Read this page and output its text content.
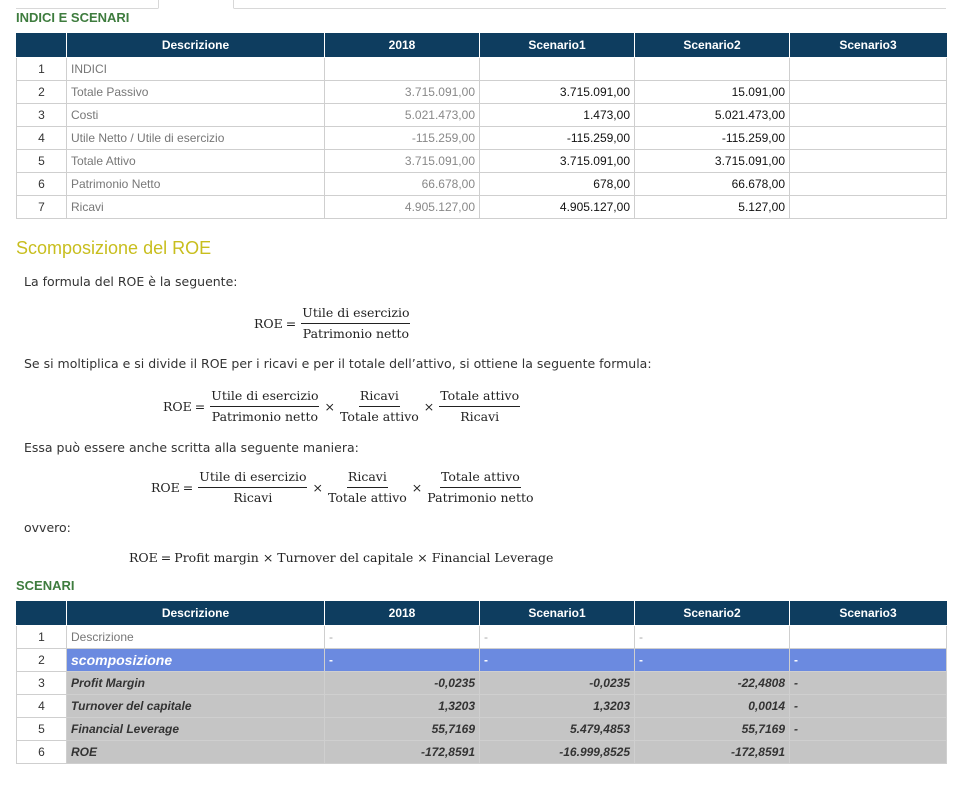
INDICI E SCENARI
	Descrizione	2018	Scenario1	Scenario2	Scenario3
1	INDICI				
2	Totale Passivo	3.715.091,00	3.715.091,00	15.091,00	
3	Costi	5.021.473,00	1.473,00	5.021.473,00	
4	Utile Netto / Utile di esercizio	-115.259,00	-115.259,00	-115.259,00	
5	Totale Attivo	3.715.091,00	3.715.091,00	3.715.091,00	
6	Patrimonio Netto	66.678,00	678,00	66.678,00	
7	Ricavi	4.905.127,00	4.905.127,00	5.127,00	
Scomposizione del ROE
La formula del ROE è la seguente:
ROE = $\frac{\text{Utile di esercizio}}{\text{Patrimonio netto}}$
Se si moltiplica e si divide il ROE per i ricavi e per il totale dell’attivo, si ottiene la seguente formula:
ROE = $\frac{\text{Utile di esercizio}}{\text{Patrimonio netto}} \times \frac{\text{Ricavi}}{\text{Totale attivo}} \times \frac{\text{Totale attivo}}{\text{Ricavi}}$
Essa può essere anche scritta alla seguente maniera:
ROE = $\frac{\text{Utile di esercizio}}{\text{Ricavi}} \times \frac{\text{Ricavi}}{\text{Totale attivo}} \times \frac{\text{Totale attivo}}{\text{Patrimonio netto}}$
ovvero:
ROE = Profit margin × Turnover del capitale × Financial Leverage
SCENARI
	Descrizione	2018	Scenario1	Scenario2	Scenario3
1	Descrizione	-	-	-	
2	scomposizione	-	-	-	-
3	Profit Margin	-0,0235	-0,0235	-22,4808	-
4	Turnover del capitale	1,3203	1,3203	0,0014	-
5	Financial Leverage	55,7169	5.479,4853	55,7169	-
6	ROE	-172,8591	-16.999,8525	-172,8591	
